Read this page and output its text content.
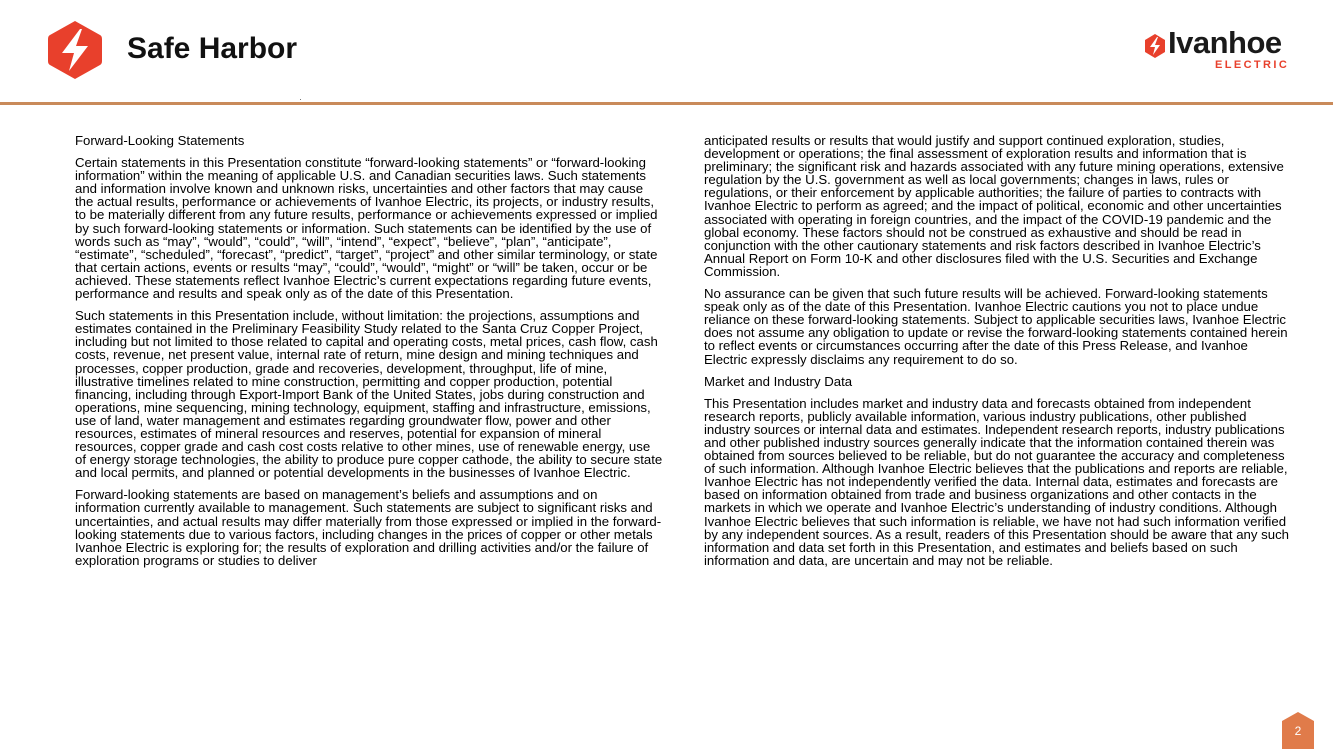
Safe Harbor	Ivanhoe
ELECTRIC

Forward-Looking Statements

Certain statements in this Presentation constitute “forward-looking statements” or “forward-looking information” within the meaning of applicable U.S. and Canadian securities laws. Such statements and information involve known and unknown risks, uncertainties and other factors that may cause the actual results, performance or achievements of Ivanhoe Electric, its projects, or industry results, to be materially different from any future results, performance or achievements expressed or implied by such forward-looking statements or information. Such statements can be identified by the use of words such as “may”, “would”, “could”, “will”, “intend”, “expect”, “believe”, “plan”, “anticipate”, “estimate”, “scheduled”, “forecast”, “predict”, “target”, “project” and other similar terminology, or state that certain actions, events or results “may”, “could”, “would”, “might” or “will” be taken, occur or be achieved. These statements reflect Ivanhoe Electric’s current expectations regarding future events, performance and results and speak only as of the date of this Presentation.

Such statements in this Presentation include, without limitation: the projections, assumptions and estimates contained in the Preliminary Feasibility Study related to the Santa Cruz Copper Project, including but not limited to those related to capital and operating costs, metal prices, cash flow, cash costs, revenue, net present value, internal rate of return, mine design and mining techniques and processes, copper production, grade and recoveries, development, throughput, life of mine, illustrative timelines related to mine construction, permitting and copper production, potential financing, including through Export-Import Bank of the United States, jobs during construction and operations, mine sequencing, mining technology, equipment, staffing and infrastructure, emissions, use of land, water management and estimates regarding groundwater flow, power and other resources, estimates of mineral resources and reserves, potential for expansion of mineral resources, copper grade and cash cost costs relative to other mines, use of renewable energy, use of energy storage technologies, the ability to produce pure copper cathode, the ability to secure state and local permits, and planned or potential developments in the businesses of Ivanhoe Electric.

Forward-looking statements are based on management’s beliefs and assumptions and on information currently available to management. Such statements are subject to significant risks and uncertainties, and actual results may differ materially from those expressed or implied in the forward-looking statements due to various factors, including changes in the prices of copper or other metals Ivanhoe Electric is exploring for; the results of exploration and drilling activities and/or the failure of exploration programs or studies to deliver

anticipated results or results that would justify and support continued exploration, studies, development or operations; the final assessment of exploration results and information that is preliminary; the significant risk and hazards associated with any future mining operations, extensive regulation by the U.S. government as well as local governments; changes in laws, rules or regulations, or their enforcement by applicable authorities; the failure of parties to contracts with Ivanhoe Electric to perform as agreed; and the impact of political, economic and other uncertainties associated with operating in foreign countries, and the impact of the COVID-19 pandemic and the global economy. These factors should not be construed as exhaustive and should be read in conjunction with the other cautionary statements and risk factors described in Ivanhoe Electric’s Annual Report on Form 10-K and other disclosures filed with the U.S. Securities and Exchange Commission.

No assurance can be given that such future results will be achieved. Forward-looking statements speak only as of the date of this Presentation. Ivanhoe Electric cautions you not to place undue reliance on these forward-looking statements. Subject to applicable securities laws, Ivanhoe Electric does not assume any obligation to update or revise the forward-looking statements contained herein to reflect events or circumstances occurring after the date of this Press Release, and Ivanhoe Electric expressly disclaims any requirement to do so.

Market and Industry Data

This Presentation includes market and industry data and forecasts obtained from independent research reports, publicly available information, various industry publications, other published industry sources or internal data and estimates. Independent research reports, industry publications and other published industry sources generally indicate that the information contained therein was obtained from sources believed to be reliable, but do not guarantee the accuracy and completeness of such information. Although Ivanhoe Electric believes that the publications and reports are reliable, Ivanhoe Electric has not independently verified the data. Internal data, estimates and forecasts are based on information obtained from trade and business organizations and other contacts in the markets in which we operate and Ivanhoe Electric’s understanding of industry conditions. Although Ivanhoe Electric believes that such information is reliable, we have not had such information verified by any independent sources. As a result, readers of this Presentation should be aware that any such information and data set forth in this Presentation, and estimates and beliefs based on such information and data, are uncertain and may not be reliable.

2
